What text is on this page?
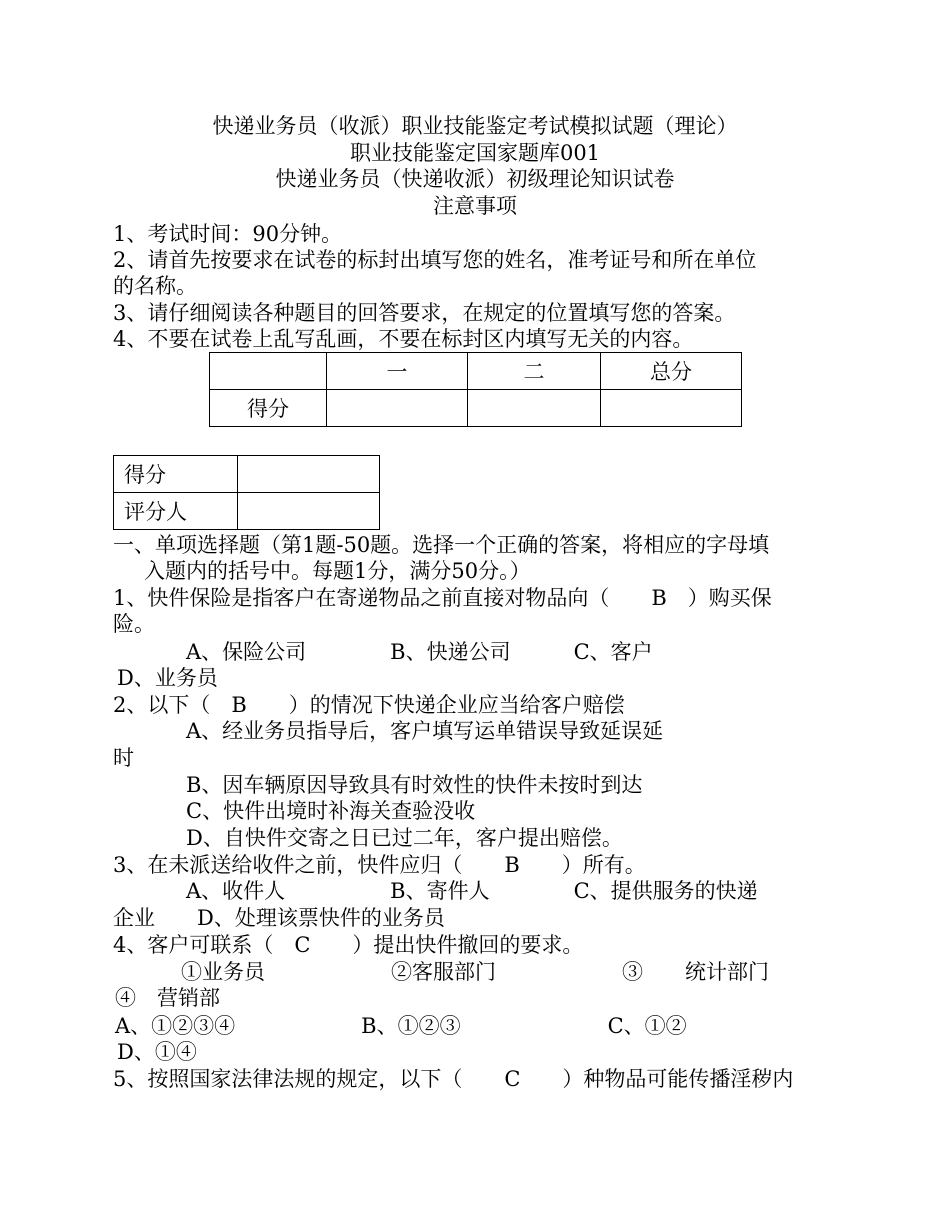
快递业务员（收派）职业技能鉴定考试模拟试题（理论）
职业技能鉴定国家题库001
快递业务员（快递收派）初级理论知识试卷
注意事项
1、考试时间：90分钟。
2、请首先按要求在试卷的标封出填写您的姓名，准考证号和所在单位
的名称。
3、请仔细阅读各种题目的回答要求，在规定的位置填写您的答案。
4、不要在试卷上乱写乱画，不要在标封区内填写无关的内容。
	一	二	总分
得分			
得分	
评分人	
一、单项选择题（第1题-50题。选择一个正确的答案，将相应的字母填
入题内的括号中。每题1分，满分50分。）
1、快件保险是指客户在寄递物品之前直接对物品向（　　B　）购买保
险。
A、保险公司　　　　B、快递公司　　　C、客户
D、业务员
2、以下（　B　　）的情况下快递企业应当给客户赔偿
A、经业务员指导后，客户填写运单错误导致延误延
时
B、因车辆原因导致具有时效性的快件未按时到达
C、快件出境时补海关查验没收
D、自快件交寄之日已过二年，客户提出赔偿。
3、在未派送给收件之前，快件应归（　　B　　）所有。
A、收件人　　　　　B、寄件人　　　　C、提供服务的快递
企业　　D、处理该票快件的业务员
4、客户可联系（　C　　）提出快件撤回的要求。
①业务员　　　　　　②客服部门　　　　　　③　　统计部门
④　营销部
A、①②③④　　　　　　B、①②③　　　　　　　C、①②
D、①④
5、按照国家法律法规的规定，以下（　　C　　）种物品可能传播淫秽内
